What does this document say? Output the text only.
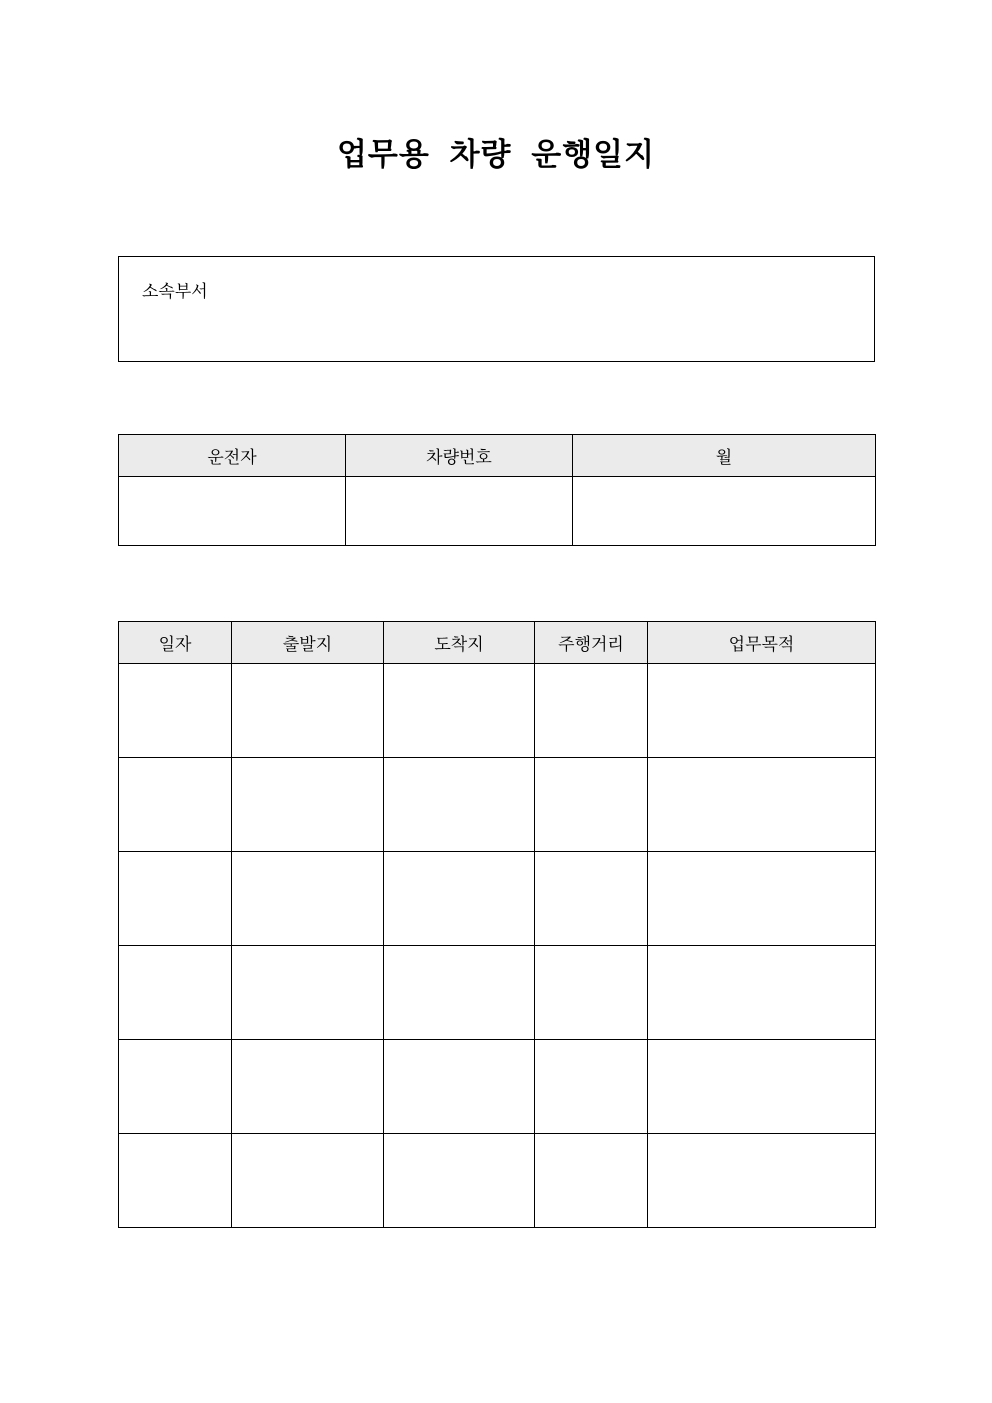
업무용 차량 운행일지
소속부서
운전자	차량번호	월

일자	출발지	도착지	주행거리	업무목적
